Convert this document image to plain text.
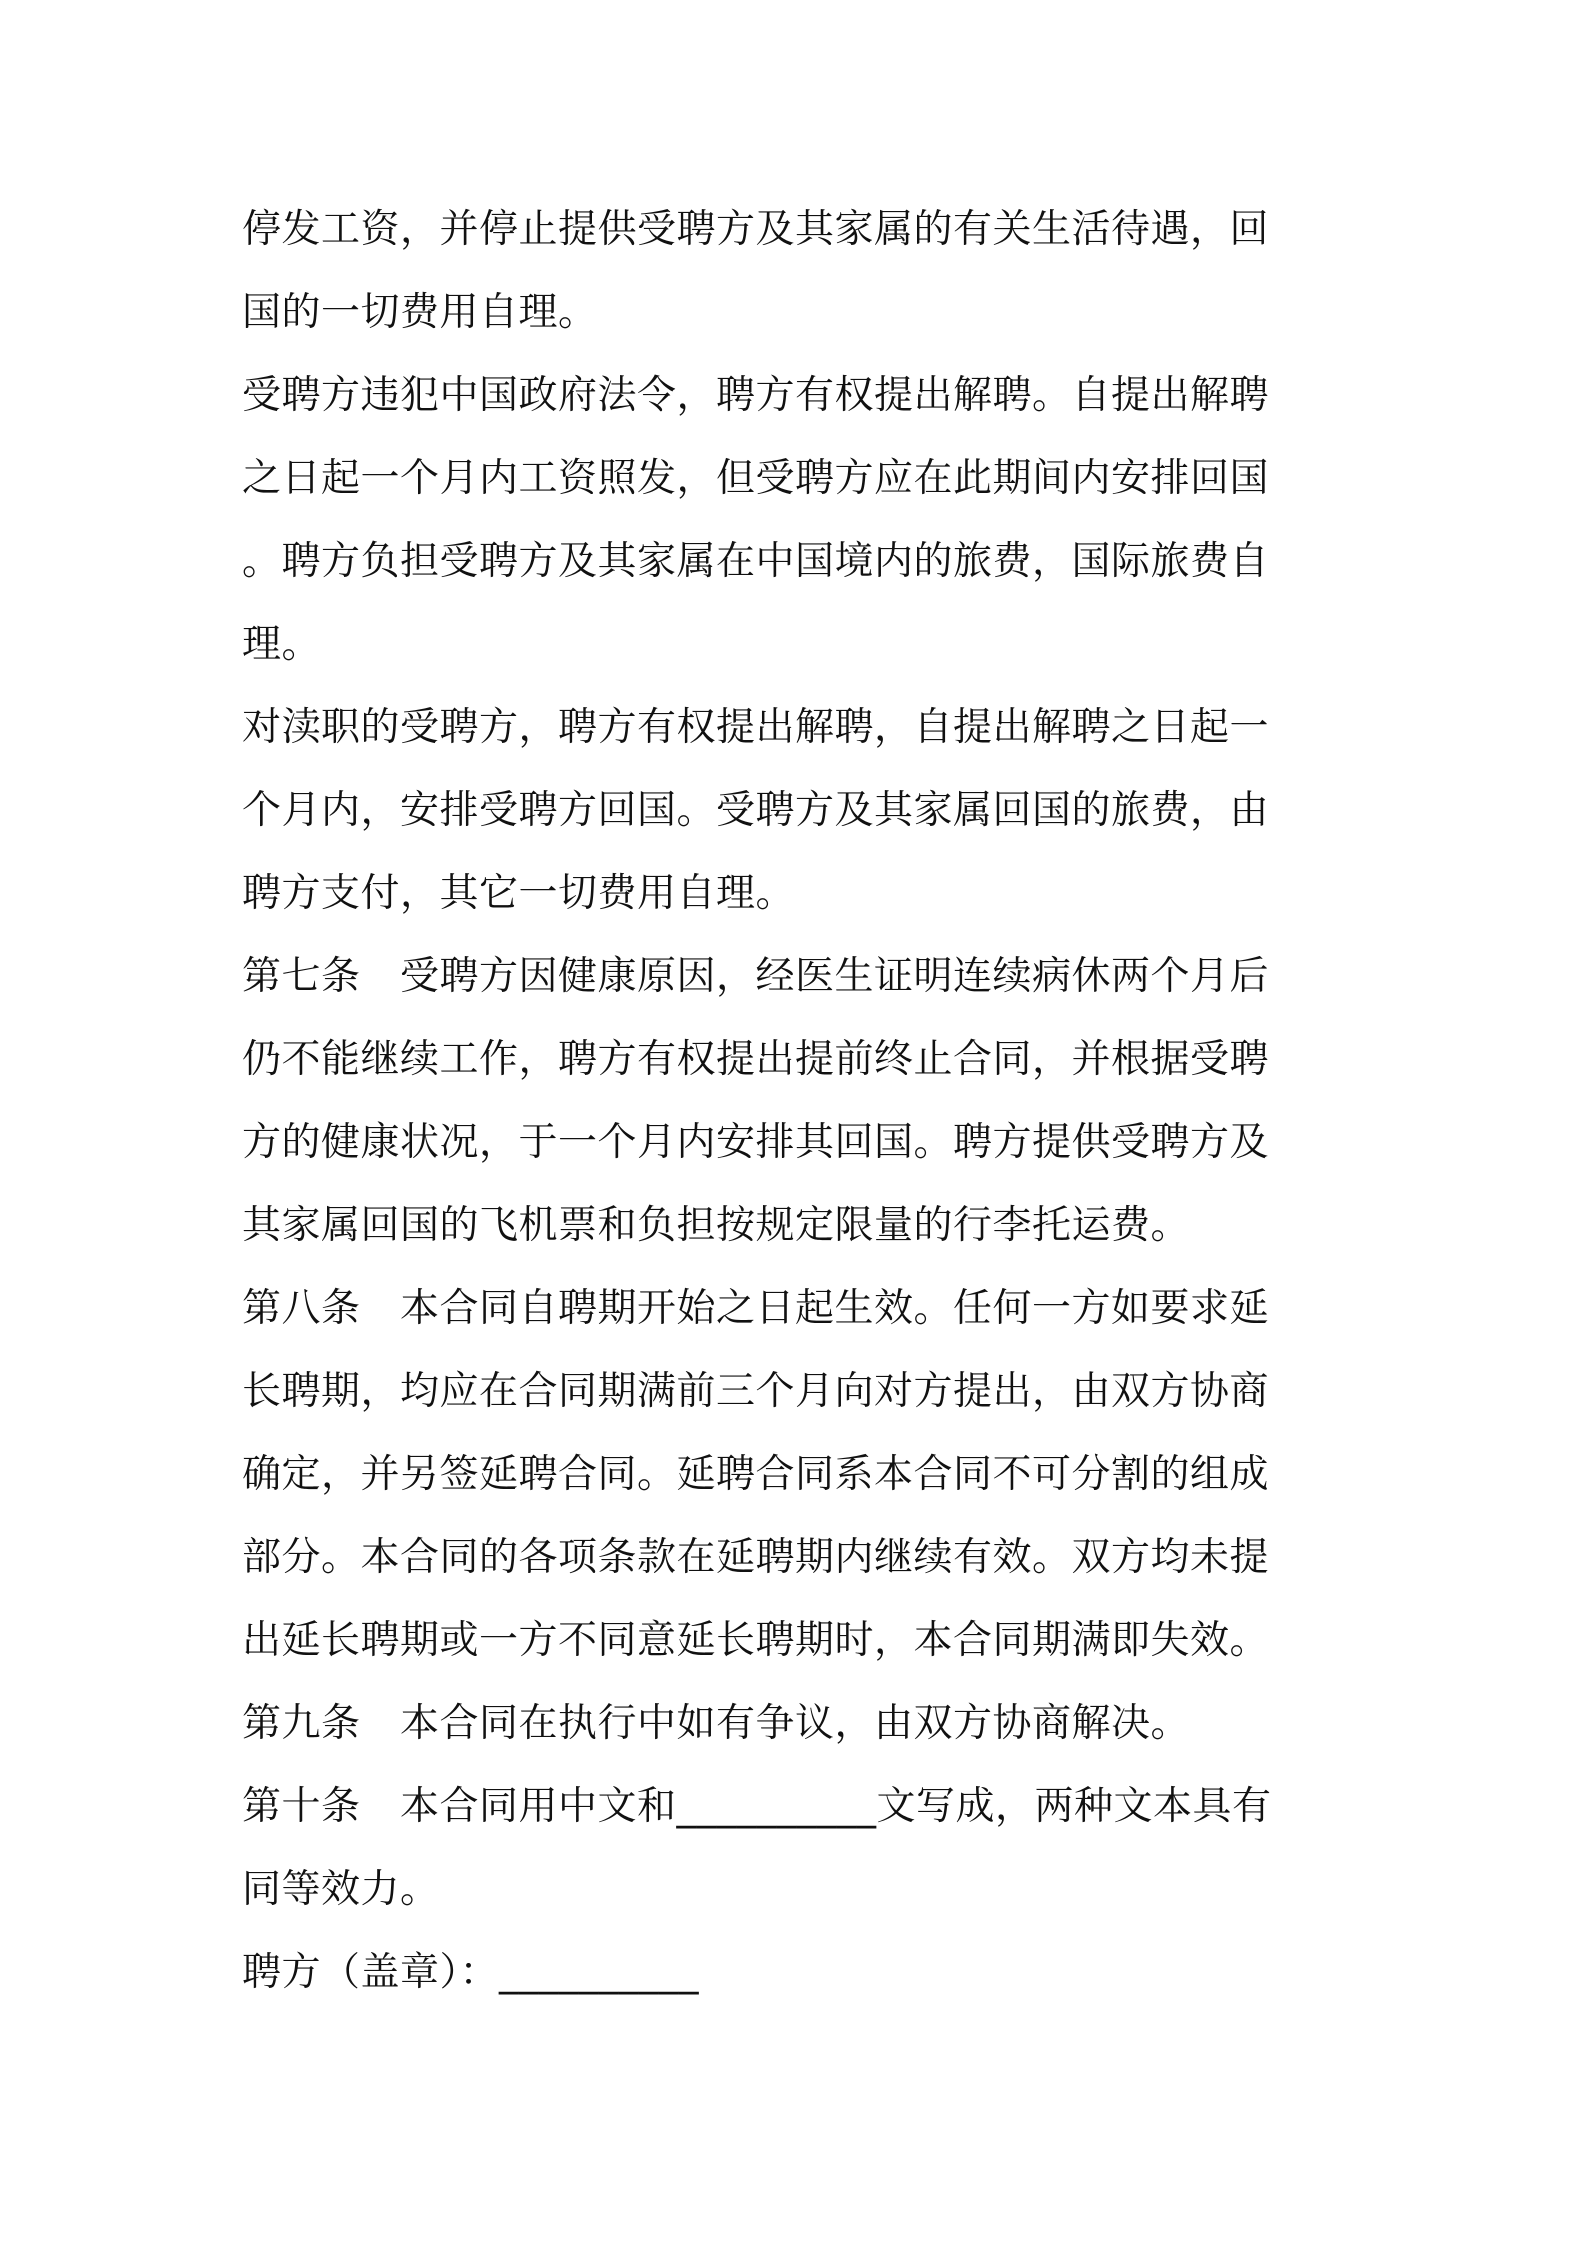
停发工资，并停止提供受聘方及其家属的有关生活待遇，回
国的一切费用自理。
受聘方违犯中国政府法令，聘方有权提出解聘。自提出解聘
之日起一个月内工资照发，但受聘方应在此期间内安排回国
。聘方负担受聘方及其家属在中国境内的旅费，国际旅费自
理。
对渎职的受聘方，聘方有权提出解聘，自提出解聘之日起一
个月内，安排受聘方回国。受聘方及其家属回国的旅费，由
聘方支付，其它一切费用自理。
第七条　受聘方因健康原因，经医生证明连续病休两个月后
仍不能继续工作，聘方有权提出提前终止合同，并根据受聘
方的健康状况，于一个月内安排其回国。聘方提供受聘方及
其家属回国的飞机票和负担按规定限量的行李托运费。
第八条　本合同自聘期开始之日起生效。任何一方如要求延
长聘期，均应在合同期满前三个月向对方提出，由双方协商
确定，并另签延聘合同。延聘合同系本合同不可分割的组成
部分。本合同的各项条款在延聘期内继续有效。双方均未提
出延长聘期或一方不同意延长聘期时，本合同期满即失效。
第九条　本合同在执行中如有争议，由双方协商解决。
第十条　本合同用中文和__________文写成，两种文本具有
同等效力。
聘方（盖章）：__________
